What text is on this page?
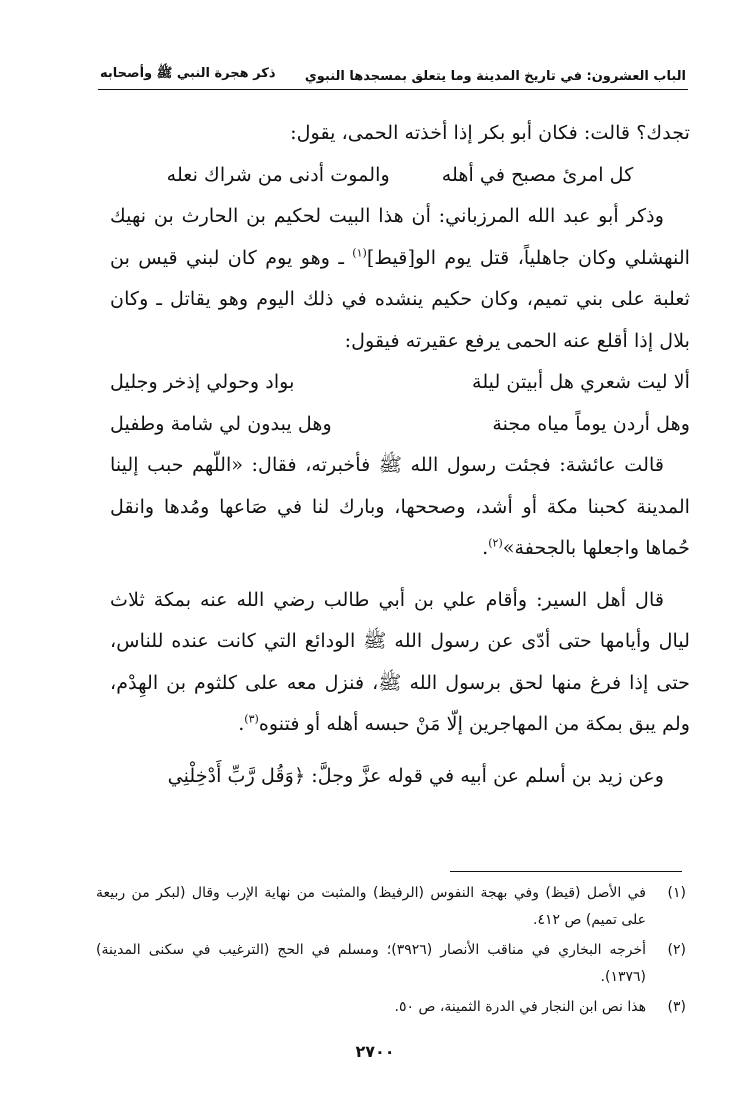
الباب العشرون: في تاريخ المدينة وما يتعلق بمسجدها النبوي
ذكر هجرة النبي ﷺ وأصحابه

تجدك؟ قالت: فكان أبو بكر إذا أخذته الحمى، يقول:

كل امرئ مصبح في أهله
والموت أدنى من شراك نعله

وذكر أبو عبد الله المرزباني: أن هذا البيت لحكيم بن الحارث بن نهيك النهشلي وكان جاهلياً، قتل يوم الو[قيط]$^{(١)}$ ـ وهو يوم كان لبني قيس بن ثعلبة على بني تميم، وكان حكيم ينشده في ذلك اليوم وهو يقاتل ـ وكان بلال إذا أقلع عنه الحمى يرفع عقيرته فيقول:

ألا ليت شعري هل أبيتن ليلة
بواد وحولي إذخر وجليل
وهل أردن يوماً مياه مجنة
وهل يبدون لي شامة وطفيل

قالت عائشة: فجئت رسول الله ﷺ فأخبرته، فقال: «اللّهم حبب إلينا المدينة كحبنا مكة أو أشد، وصححها، وبارك لنا في صَاعها ومُدها وانقل حُماها واجعلها بالجحفة»$^{(٢)}$.

قال أهل السير: وأقام علي بن أبي طالب رضي الله عنه بمكة ثلاث ليال وأيامها حتى أدّى عن رسول الله ﷺ الودائع التي كانت عنده للناس، حتى إذا فرغ منها لحق برسول الله ﷺ، فنزل معه على كلثوم بن الهِدْم، ولم يبق بمكة من المهاجرين إلّا مَنْ حبسه أهله أو فتنوه$^{(٣)}$.

وعن زيد بن أسلم عن أبيه في قوله عزَّ وجلَّ: ﴿وَقُل رَّبِّ أَدْخِلْنِي

(١)
في الأصل (قيظ) وفي بهجة النفوس (الرفيظ) والمثبت من نهاية الإرب وقال (لبكر من ربيعة على تميم) ص ٤١٢.
(٢)
أخرجه البخاري في مناقب الأنصار (٣٩٢٦)؛ ومسلم في الحج (الترغيب في سكنى المدينة) (١٣٧٦).
(٣)
هذا نص ابن النجار في الدرة الثمينة، ص ٥٠.
٢٧٠٠
